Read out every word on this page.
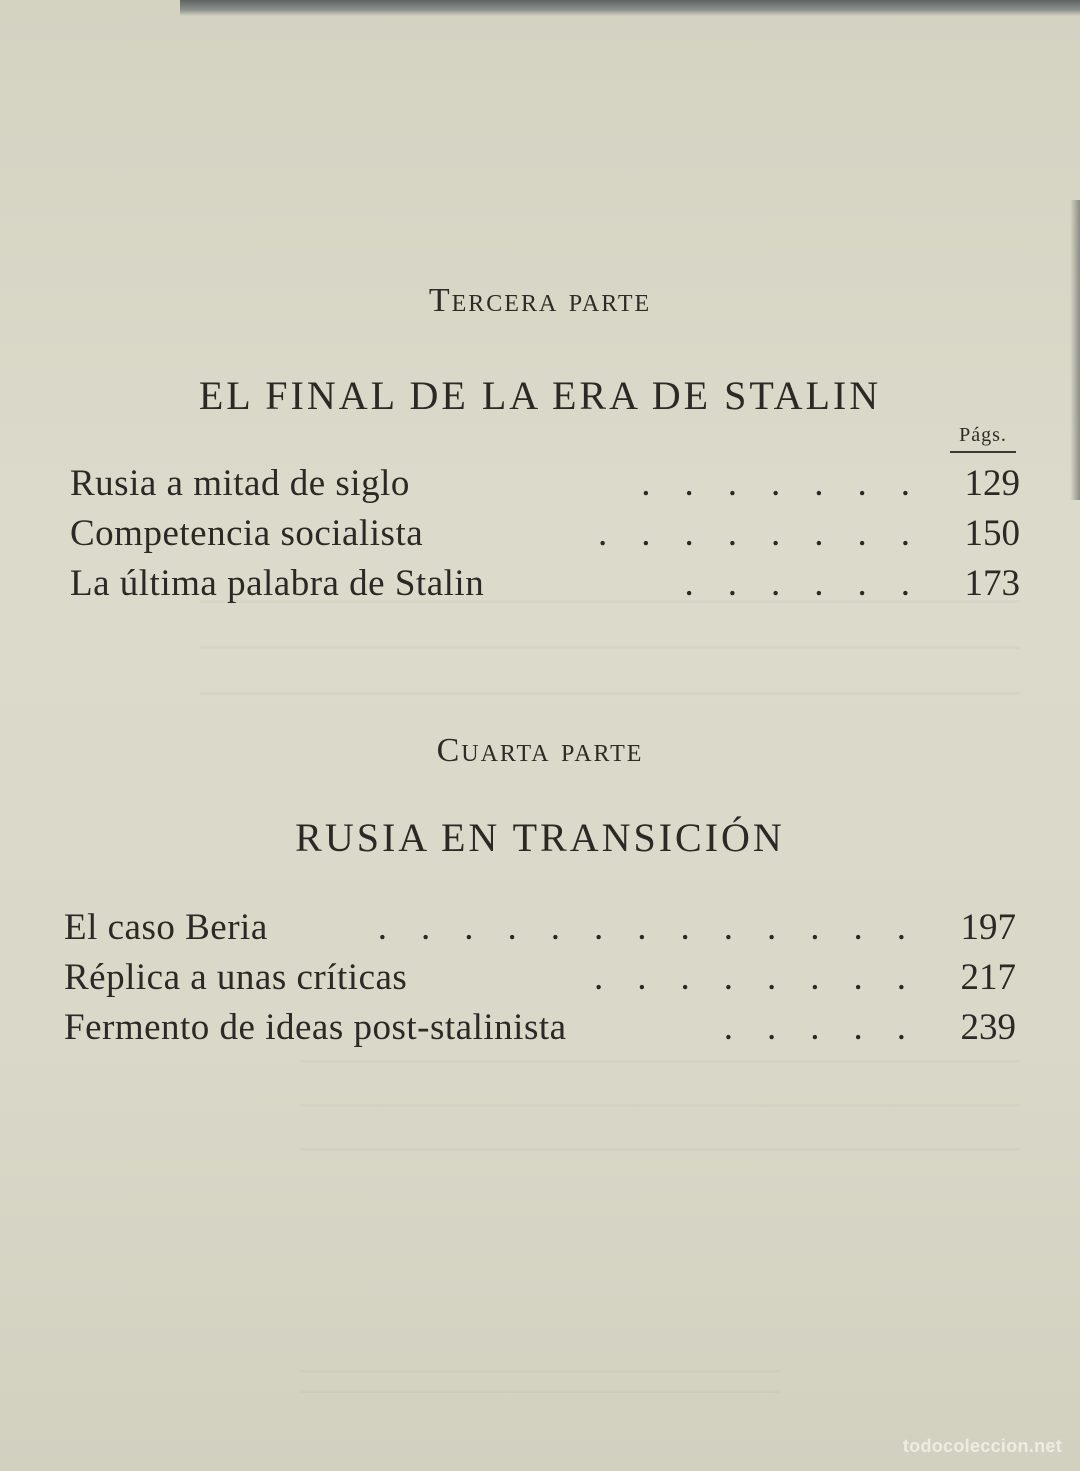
Tercera parte
EL FINAL DE LA ERA DE STALIN
Págs.
Rusia a mitad de siglo	....... 129
Competencia socialista	........ 150
La última palabra de Stalin	...... 173
Cuarta parte
RUSIA EN TRANSICIÓN
El caso Beria	............. 197
Réplica a unas críticas	........ 217
Fermento de ideas post-stalinista	..... 239
todocoleccion.net
